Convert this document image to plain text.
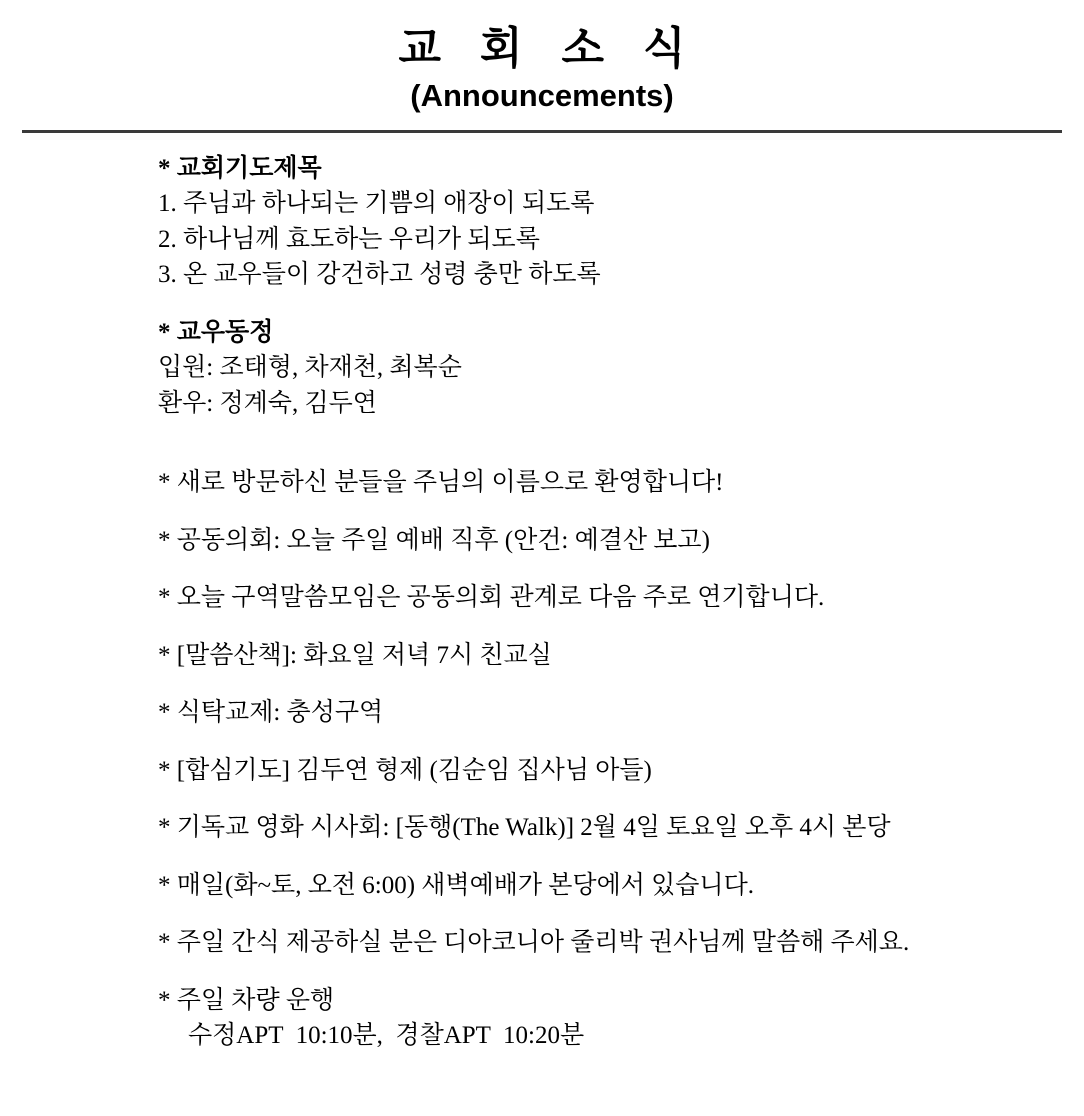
교 회 소 식
(Announcements)
* 교회기도제목
1. 주님과 하나되는 기쁨의 애장이 되도록
2. 하나님께 효도하는 우리가 되도록
3. 온 교우들이 강건하고 성령 충만 하도록
* 교우동정
입원: 조태형, 차재천, 최복순
환우: 정계숙, 김두연
* 새로 방문하신 분들을 주님의 이름으로 환영합니다!
* 공동의회: 오늘 주일 예배 직후 (안건: 예결산 보고)
* 오늘 구역말씀모임은 공동의회 관계로 다음 주로 연기합니다.
* [말씀산책]: 화요일 저녁 7시 친교실
* 식탁교제: 충성구역
* [합심기도] 김두연 형제 (김순임 집사님 아들)
* 기독교 영화 시사회: [동행(The Walk)] 2월 4일 토요일 오후 4시 본당
* 매일(화~토, 오전 6:00) 새벽예배가 본당에서 있습니다.
* 주일 간식 제공하실 분은 디아코니아 줄리박 권사님께 말씀해 주세요.
* 주일 차량 운행
수정APT  10:10분,  경찰APT  10:20분
